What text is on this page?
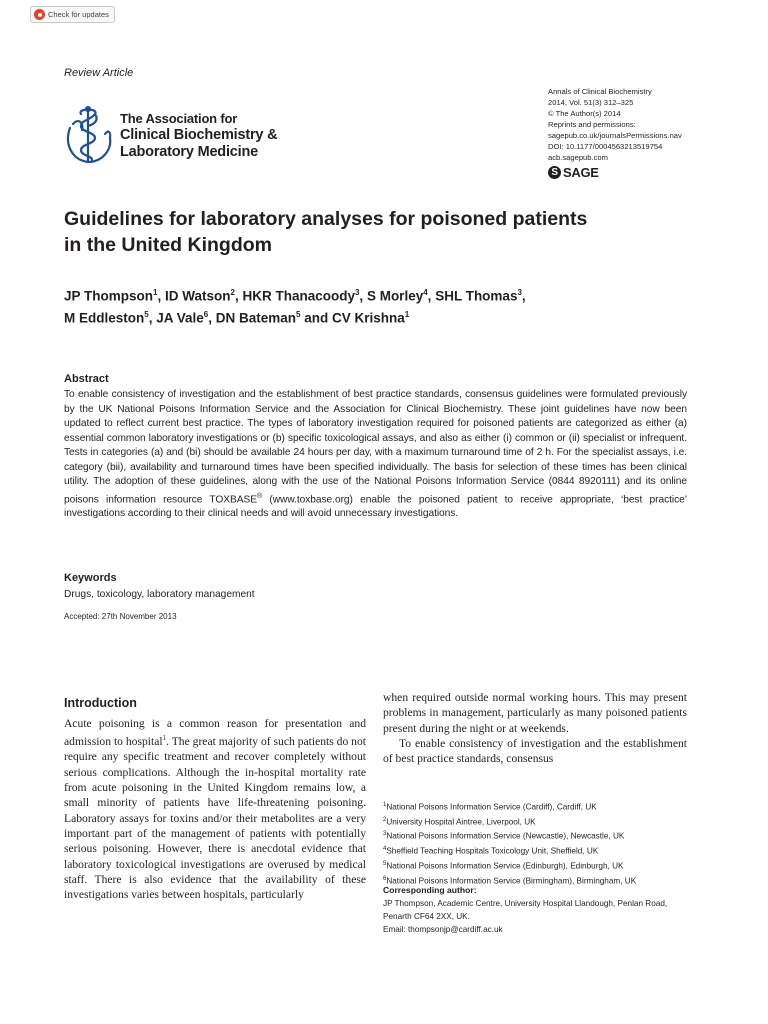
Check for updates
Review Article
Annals of Clinical Biochemistry
2014, Vol. 51(3) 312–325
© The Author(s) 2014
Reprints and permissions:
sagepub.co.uk/journalsPermissions.nav
DOI: 10.1177/0004563213519754
acb.sagepub.com
S SAGE
The Association for
Clinical Biochemistry &
Laboratory Medicine
Guidelines for laboratory analyses for poisoned patients
in the United Kingdom
JP Thompson$^1$, ID Watson$^2$, HKR Thanacoody$^3$, S Morley$^4$, SHL Thomas$^3$,
M Eddleston$^5$, JA Vale$^6$, DN Bateman$^5$ and CV Krishna$^1$
Abstract
To enable consistency of investigation and the establishment of best practice standards, consensus guidelines were formulated previously by the UK National Poisons Information Service and the Association for Clinical Biochemistry. These joint guidelines have now been updated to reflect current best practice. The types of laboratory investigation required for poisoned patients are categorized as either (a) essential common laboratory investigations or (b) specific toxicological assays, and also as either (i) common or (ii) specialist or infrequent. Tests in categories (a) and (bi) should be available 24 hours per day, with a maximum turnaround time of 2 h. For the specialist assays, i.e. category (bii), availability and turnaround times have been specified individually. The basis for selection of these times has been clinical utility. The adoption of these guidelines, along with the use of the National Poisons Information Service (0844 8920111) and its online poisons information resource TOXBASE® (www.toxbase.org) enable the poisoned patient to receive appropriate, ‘best practice’ investigations according to their clinical needs and will avoid unnecessary investigations.
Keywords
Drugs, toxicology, laboratory management
Accepted: 27th November 2013
Introduction
Acute poisoning is a common reason for presentation and admission to hospital$^1$. The great majority of such patients do not require any specific treatment and recover completely without serious complications. Although the in-hospital mortality rate from acute poisoning in the United Kingdom remains low, a small minority of patients have life-threatening poisoning. Laboratory assays for toxins and/or their metabolites are a very important part of the management of patients with potentially serious poisoning. However, there is anecdotal evidence that laboratory toxicological investigations are overused by medical staff. There is also evidence that the availability of these investigations varies between hospitals, particularly
when required outside normal working hours. This may present problems in management, particularly as many poisoned patients present during the night or at weekends.
To enable consistency of investigation and the establishment of best practice standards, consensus
$^1$National Poisons Information Service (Cardiff), Cardiff, UK
$^2$University Hospital Aintree, Liverpool, UK
$^3$National Poisons Information Service (Newcastle), Newcastle, UK
$^4$Sheffield Teaching Hospitals Toxicology Unit, Sheffield, UK
$^5$National Poisons Information Service (Edinburgh), Edinburgh, UK
$^6$National Poisons Information Service (Birmingham), Birmingham, UK
Corresponding author:
JP Thompson, Academic Centre, University Hospital Llandough, Penlan Road, Penarth CF64 2XX, UK.
Email: thompsonjp@cardiff.ac.uk
